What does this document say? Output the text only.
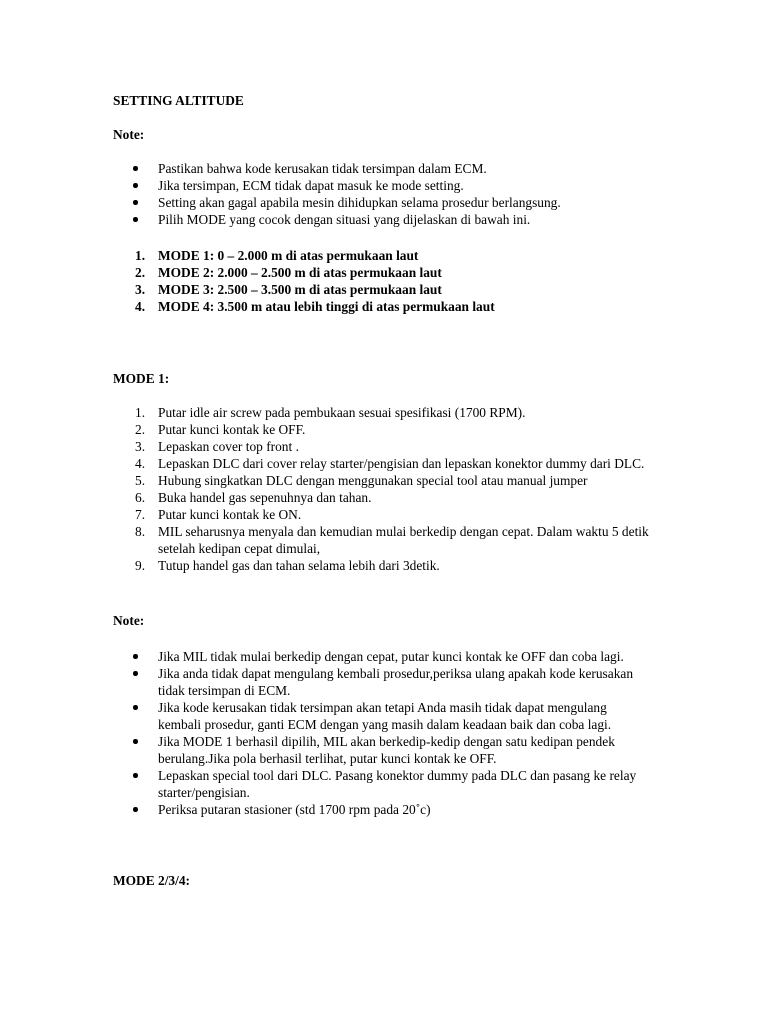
SETTING ALTITUDE
Note:
Pastikan bahwa kode kerusakan tidak tersimpan dalam ECM.
Jika tersimpan, ECM tidak dapat masuk ke mode setting.
Setting akan gagal apabila mesin dihidupkan selama prosedur berlangsung.
Pilih MODE yang cocok dengan situasi yang dijelaskan di bawah ini.
1. MODE 1: 0 – 2.000 m di atas permukaan laut
2. MODE 2: 2.000 – 2.500 m di atas permukaan laut
3. MODE 3: 2.500 – 3.500 m di atas permukaan laut
4. MODE 4: 3.500 m atau lebih tinggi di atas permukaan laut
MODE 1:
1. Putar idle air screw pada pembukaan sesuai spesifikasi (1700 RPM).
2. Putar kunci kontak ke OFF.
3. Lepaskan cover top front .
4. Lepaskan DLC dari cover relay starter/pengisian dan lepaskan konektor dummy dari DLC.
5. Hubung singkatkan DLC dengan menggunakan special tool atau manual jumper
6. Buka handel gas sepenuhnya dan tahan.
7. Putar kunci kontak ke ON.
8. MIL seharusnya menyala dan kemudian mulai berkedip dengan cepat. Dalam waktu 5 detik setelah kedipan cepat dimulai,
9. Tutup handel gas dan tahan selama lebih dari 3detik.
Note:
Jika MIL tidak mulai berkedip dengan cepat, putar kunci kontak ke OFF dan coba lagi.
Jika anda tidak dapat mengulang kembali prosedur,periksa ulang apakah kode kerusakan tidak tersimpan di ECM.
Jika kode kerusakan tidak tersimpan akan tetapi Anda masih tidak dapat mengulang kembali prosedur, ganti ECM dengan yang masih dalam keadaan baik dan coba lagi.
Jika MODE 1 berhasil dipilih, MIL akan berkedip-kedip dengan satu kedipan pendek berulang.Jika pola berhasil terlihat, putar kunci kontak ke OFF.
Lepaskan special tool dari DLC. Pasang konektor dummy pada DLC dan pasang ke relay starter/pengisian.
Periksa putaran stasioner (std 1700 rpm pada 20˚c)
MODE 2/3/4:
